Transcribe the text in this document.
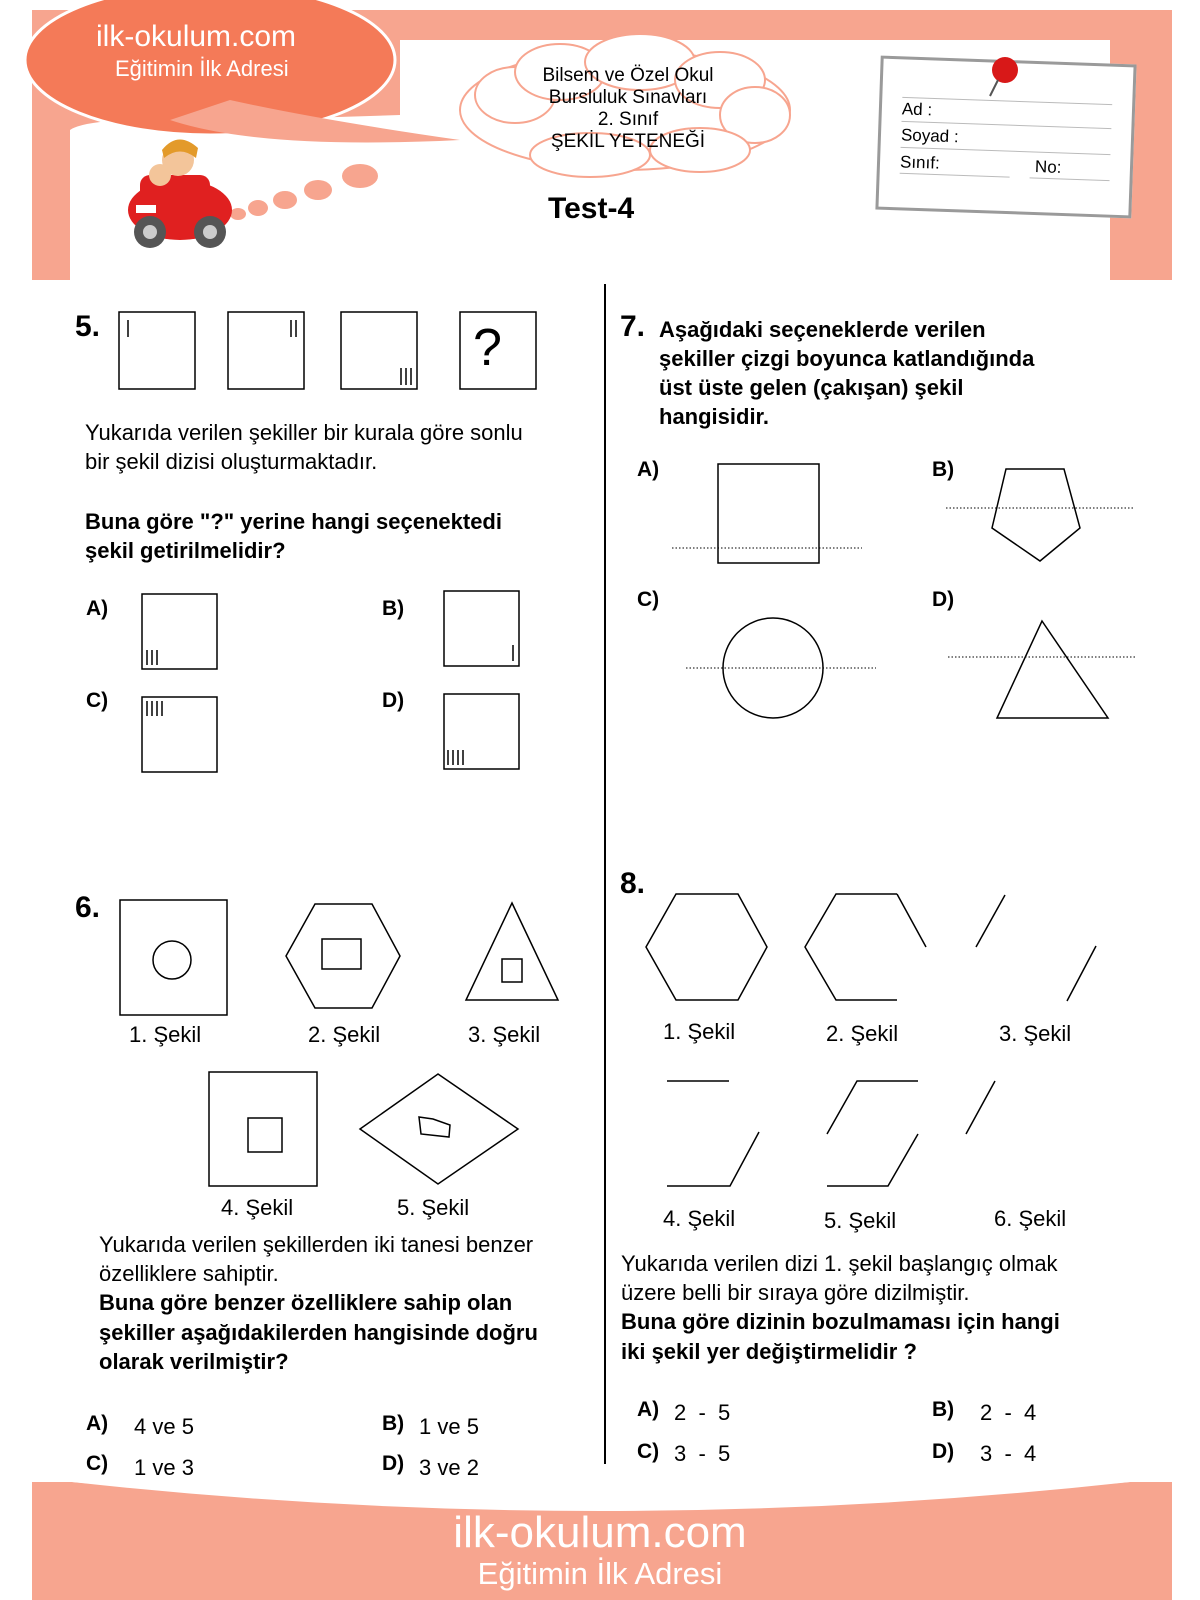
ilk-okulum.com
Eğitimin İlk Adresi	Bilsem ve Özel Okul
Bursluluk Sınavları
2. Sınıf
ŞEKİL YETENEĞİ
Test-4
Ad :
Soyad :
Sınıf:	No:
5.	?
Yukarıda verilen şekiller bir kurala göre sonlu
bir şekil dizisi oluşturmaktadır.
Buna göre "?" yerine hangi seçenektedi
şekil getirilmelidir?
A)	B)
C)	D)
6.
1. Şekil	2. Şekil	3. Şekil
4. Şekil	5. Şekil
Yukarıda verilen şekillerden iki tanesi benzer
özelliklere sahiptir.
Buna göre benzer özelliklere sahip olan
şekiller aşağıdakilerden hangisinde doğru
olarak verilmiştir?
A) 4 ve 5	B) 1 ve 5
C) 1 ve 3	D) 3 ve 2
7. Aşağıdaki seçeneklerde verilen
şekiller çizgi boyunca katlandığında
üst üste gelen (çakışan) şekil
hangisidir.
A)	B)
C)	D)
8.
1. Şekil	2. Şekil	3. Şekil
4. Şekil	5. Şekil	6. Şekil
Yukarıda verilen dizi 1. şekil başlangıç olmak
üzere belli bir sıraya göre dizilmiştir.
Buna göre dizinin bozulmaması için hangi
iki şekil yer değiştirmelidir ?
A) 2  -  5	B) 2  -  4
C) 3  -  5	D) 3  -  4
ilk-okulum.com
Eğitimin İlk Adresi
